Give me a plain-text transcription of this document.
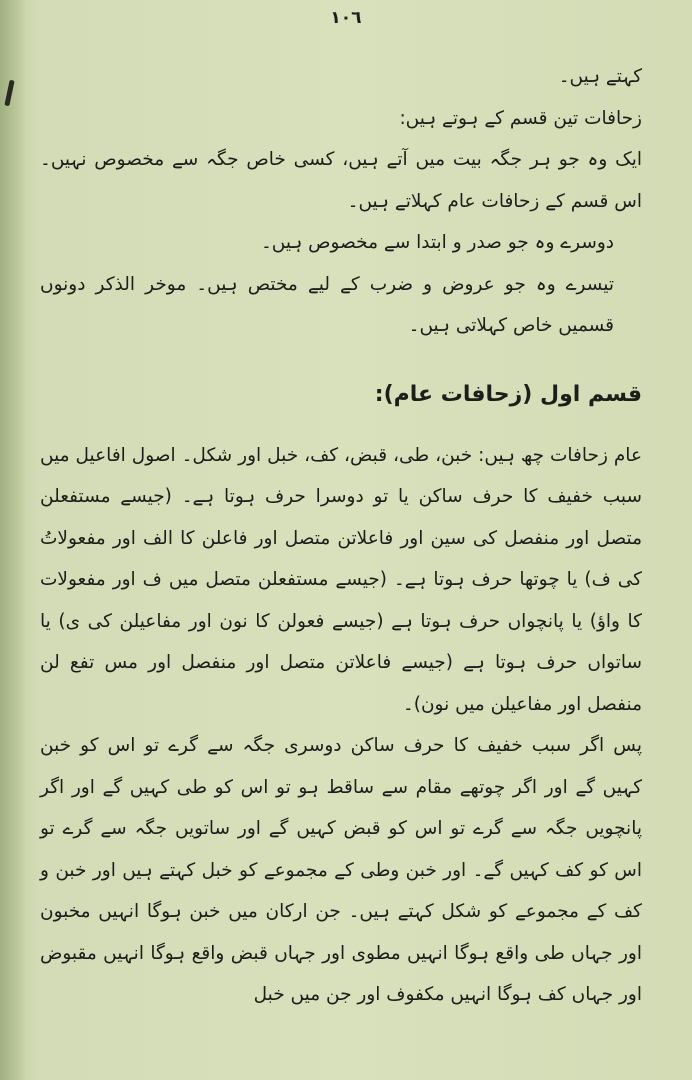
١٠٦

کہتے ہیں۔

زحافات تین قسم کے ہوتے ہیں:

ایک وہ جو ہر جگہ بیت میں آتے ہیں، کسی خاص جگہ سے مخصوص نہیں۔ اس قسم کے زحافات عام کہلاتے ہیں۔

دوسرے وہ جو صدر و ابتدا سے مخصوص ہیں۔

تیسرے وہ جو عروض و ضرب کے لیے مختص ہیں۔ موخر الذکر دونوں قسمیں خاص کہلاتی ہیں۔

قسم اول (زحافات عام):

عام زحافات چھ ہیں: خبن، طی، قبض، کف، خبل اور شکل۔ اصول افاعیل میں سبب خفیف کا حرف ساکن یا تو دوسرا حرف ہوتا ہے۔ (جیسے مستفعلن متصل اور منفصل کی سین اور فاعلاتن متصل اور فاعلن کا الف اور مفعولاتُ کی ف) یا چوتھا حرف ہوتا ہے۔ (جیسے مستفعلن متصل میں ف اور مفعولات کا واؤ) یا پانچواں حرف ہوتا ہے (جیسے فعولن کا نون اور مفاعیلن کی ی) یا ساتواں حرف ہوتا ہے (جیسے فاعلاتن متصل اور منفصل اور مس تفع لن منفصل اور مفاعیلن میں نون)۔

پس اگر سبب خفیف کا حرف ساکن دوسری جگہ سے گرے تو اس کو خبن کہیں گے اور اگر چوتھے مقام سے ساقط ہو تو اس کو طی کہیں گے اور اگر پانچویں جگہ سے گرے تو اس کو قبض کہیں گے اور ساتویں جگہ سے گرے تو اس کو کف کہیں گے۔ اور خبن وطی کے مجموعے کو خبل کہتے ہیں اور خبن و کف کے مجموعے کو شکل کہتے ہیں۔ جن ارکان میں خبن ہوگا انہیں مخبون اور جہاں طی واقع ہوگا انہیں مطوی اور جہاں قبض واقع ہوگا انہیں مقبوض اور جہاں کف ہوگا انہیں مکفوف اور جن میں خبل
